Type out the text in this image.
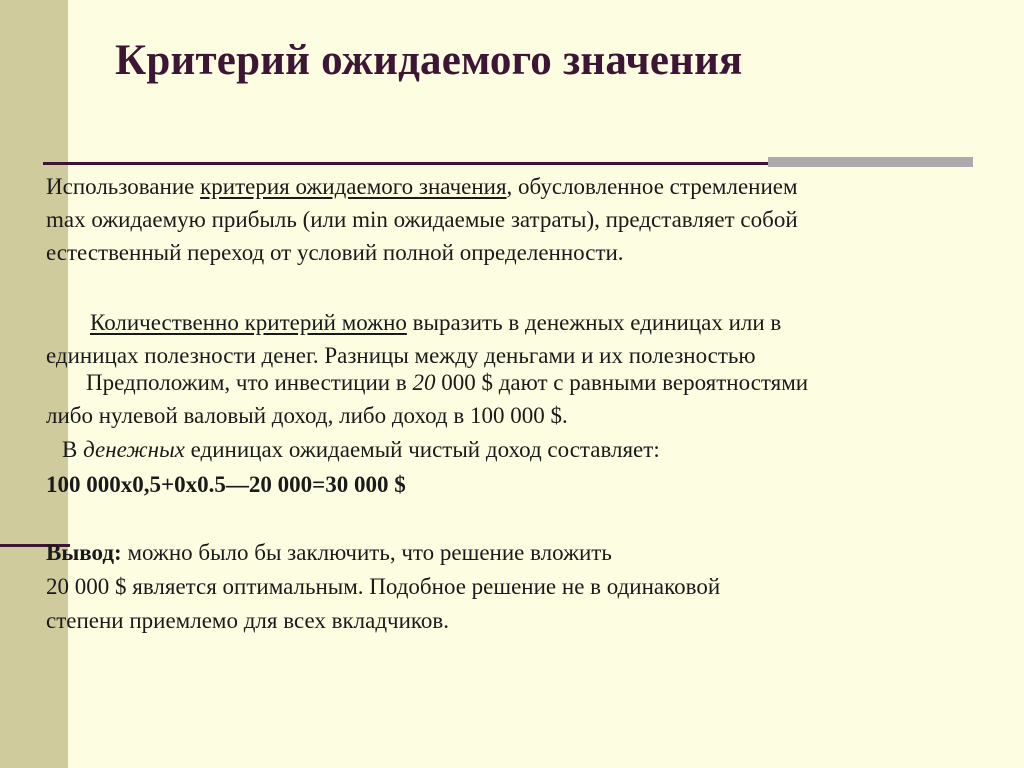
Критерий ожидаемого значения
Использование критерия ожидаемого значения, обусловленное стремлением
max ожидаемую прибыль (или min ожидаемые затраты), представляет собой
естественный переход от условий полной определенности.
Количественно критерий можно выразить в денежных единицах или в
единицах полезности денег. Разницы между деньгами и их полезностью
Предположим, что инвестиции в 20 000 $ дают с равными вероятностями
либо нулевой валовый доход, либо доход в 100 000 $.
В денежных единицах ожидаемый чистый доход составляет:
100 000х0,5+0х0.5—20 000=30 000 $
Вывод: можно было бы заключить, что решение вложить
20 000 $ является оптимальным. Подобное решение не в одинаковой
степени приемлемо для всех вкладчиков.
